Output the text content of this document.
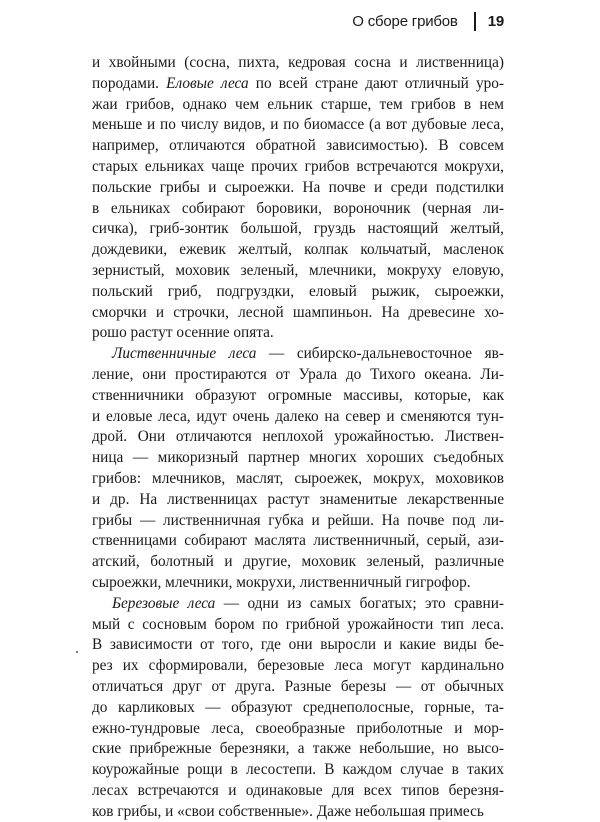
О сборе грибов 19
и хвойными (сосна, пихта, кедровая сосна и лиственница)
породами. Еловые леса по всей стране дают отличный уро-
жаи грибов, однако чем ельник старше, тем грибов в нем
меньше и по числу видов, и по биомассе (а вот дубовые леса,
например, отличаются обратной зависимостью). В совсем
старых ельниках чаще прочих грибов встречаются мокрухи,
польские грибы и сыроежки. На почве и среди подстилки
в ельниках собирают боровики, вороночник (черная ли-
сичка), гриб-зонтик большой, груздь настоящий желтый,
дождевики, ежевик желтый, колпак кольчатый, масленок
зернистый, моховик зеленый, млечники, мокруху еловую,
польский гриб, подгруздки, еловый рыжик, сыроежки,
сморчки и строчки, лесной шампиньон. На древесине хо-
рошо растут осенние опята.
Лиственничные леса — сибирско-дальневосточное яв-
ление, они простираются от Урала до Тихого океана. Ли-
ственничники образуют огромные массивы, которые, как
и еловые леса, идут очень далеко на север и сменяются тун-
дрой. Они отличаются неплохой урожайностью. Листвен-
ница — микоризный партнер многих хороших съедобных
грибов: млечников, маслят, сыроежек, мокрух, моховиков
и др. На лиственницах растут знаменитые лекарственные
грибы — лиственничная губка и рейши. На почве под ли-
ственницами собирают маслята лиственничный, серый, ази-
атский, болотный и другие, моховик зеленый, различные
сыроежки, млечники, мокрухи, лиственничный гигрофор.
Березовые леса — одни из самых богатых; это сравни-
мый с сосновым бором по грибной урожайности тип леса.
В зависимости от того, где они выросли и какие виды бе-
рез их сформировали, березовые леса могут кардинально
отличаться друг от друга. Разные березы — от обычных
до карликовых — образуют среднеполосные, горные, та-
ежно-тундровые леса, своеобразные приболотные и мор-
ские прибрежные березняки, а также небольшие, но высо-
коурожайные рощи в лесостепи. В каждом случае в таких
лесах встречаются и одинаковые для всех типов березня-
ков грибы, и «свои собственные». Даже небольшая примесь
